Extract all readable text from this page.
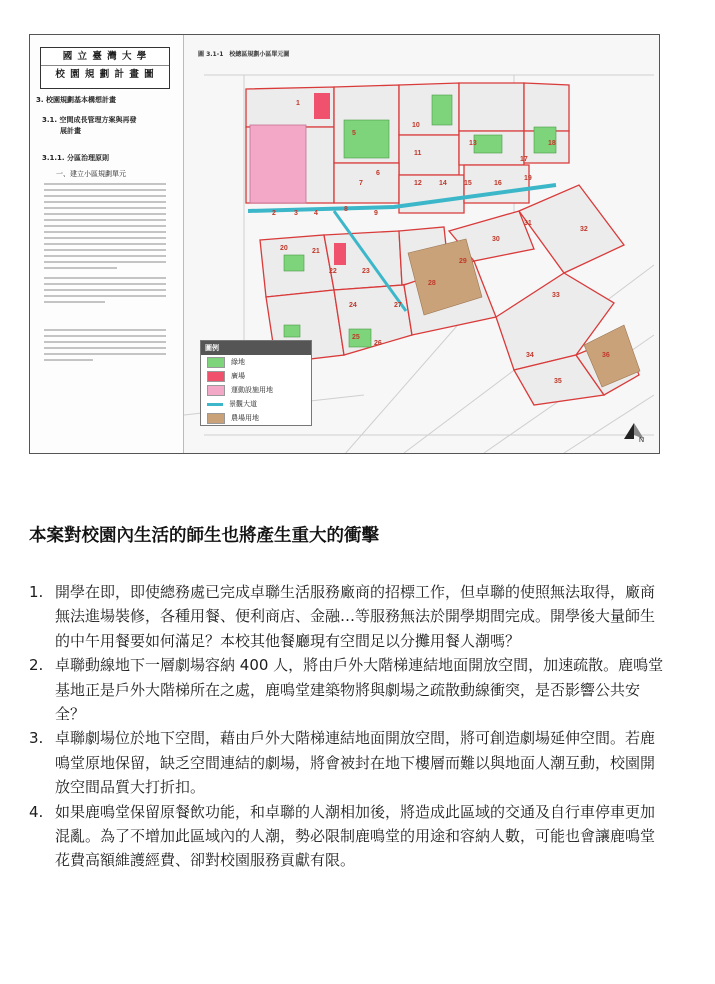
國 立 臺 灣 大 學
校 園 規 劃 計 畫 圖
3. 校園規劃基本構想計畫
3.1. 空間成長管理方案與再發
展計畫
3.1.1. 分區治理原則
一、建立小區規劃單元
1
2	3 4
5
6
7
8
9
10
11
12
13
14 15	16
17
18
19
20	21
22	23
24
25
26
27
28
29
30
31
32
33
34
35
36
圖 3.1-1　校總區規劃小區單元圖
圖例
綠地
廣場
運動設施用地
景觀大道
農場用地
N
本案對校園內生活的師生也將產生重大的衝擊
1. 開學在即，即使總務處已完成卓聯生活服務廠商的招標工作，但卓聯的使照無法取得，廠商無法進場裝修，各種用餐、便利商店、金融…等服務無法於開學期間完成。開學後大量師生的中午用餐要如何滿足？本校其他餐廳現有空間足以分攤用餐人潮嗎？
2. 卓聯動線地下一層劇場容納 400 人，將由戶外大階梯連結地面開放空間，加速疏散。鹿鳴堂基地正是戶外大階梯所在之處，鹿鳴堂建築物將與劇場之疏散動線衝突，是否影響公共安全？
3. 卓聯劇場位於地下空間，藉由戶外大階梯連結地面開放空間，將可創造劇場延伸空間。若鹿鳴堂原地保留，缺乏空間連結的劇場，將會被封在地下樓層而難以與地面人潮互動，校園開放空間品質大打折扣。
4. 如果鹿鳴堂保留原餐飲功能，和卓聯的人潮相加後，將造成此區域的交通及自行車停車更加混亂。為了不增加此區域內的人潮，勢必限制鹿鳴堂的用途和容納人數，可能也會讓鹿鳴堂花費高額維護經費、卻對校園服務貢獻有限。
